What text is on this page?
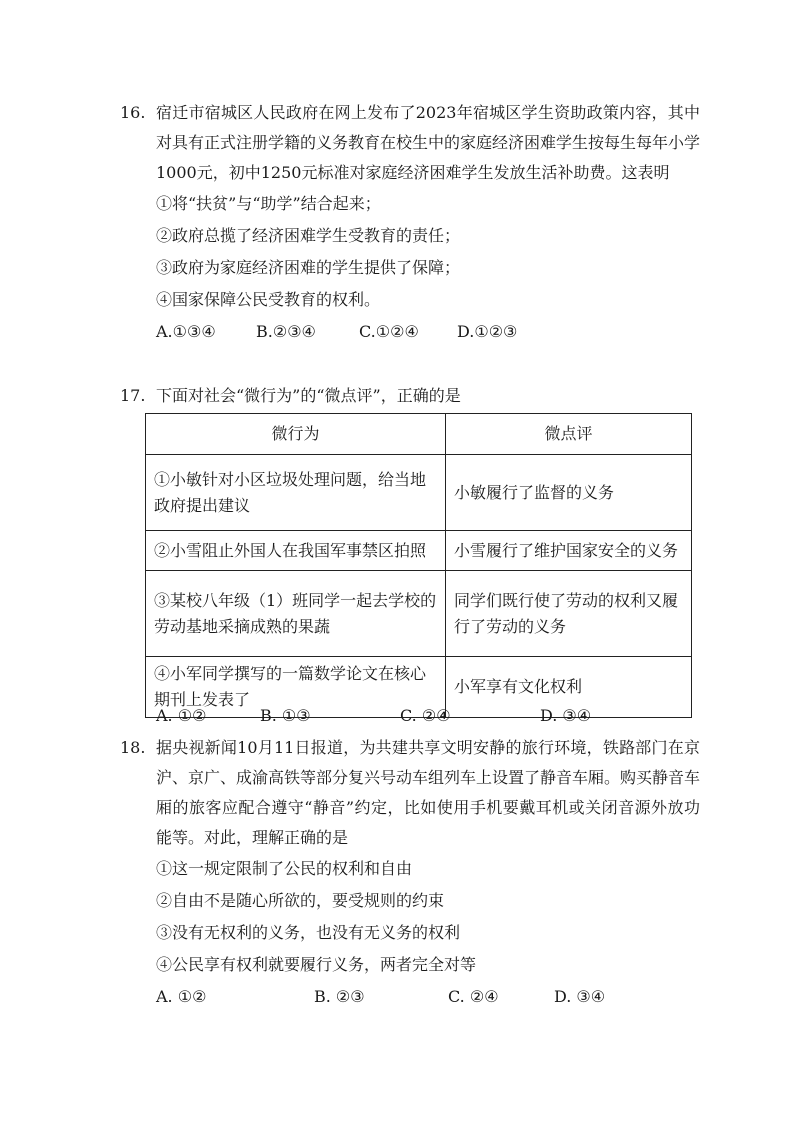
16. 宿迁市宿城区人民政府在网上发布了2023年宿城区学生资助政策内容，其中对具有正式注册学籍的义务教育在校生中的家庭经济困难学生按每生每年小学1000元，初中1250元标准对家庭经济困难学生发放生活补助费。这表明
①将“扶贫”与“助学”结合起来；
②政府总揽了经济困难学生受教育的责任；
③政府为家庭经济困难的学生提供了保障；
④国家保障公民受教育的权利。
A.①③④	B.②③④	C.①②④ D.①②③
17. 下面对社会“微行为”的“微点评”，正确的是
微行为	微点评
①小敏针对小区垃圾处理问题，给当地政府提出建议	小敏履行了监督的义务
②小雪阻止外国人在我国军事禁区拍照	小雪履行了维护国家安全的义务
③某校八年级（1）班同学一起去学校的劳动基地采摘成熟的果蔬	同学们既行使了劳动的权利又履行了劳动的义务
④小军同学撰写的一篇数学论文在核心期刊上发表了	小军享有文化权利
A. ①②	B. ①③	C. ②④	D. ③④
18. 据央视新闻10月11日报道，为共建共享文明安静的旅行环境，铁路部门在京沪、京广、成渝高铁等部分复兴号动车组列车上设置了静音车厢。购买静音车厢的旅客应配合遵守“静音”约定，比如使用手机要戴耳机或关闭音源外放功能等。对此，理解正确的是
①这一规定限制了公民的权利和自由
②自由不是随心所欲的，要受规则的约束
③没有无权利的义务，也没有无义务的权利
④公民享有权利就要履行义务，两者完全对等
A. ①②	B. ②③	C. ②④	D. ③④
